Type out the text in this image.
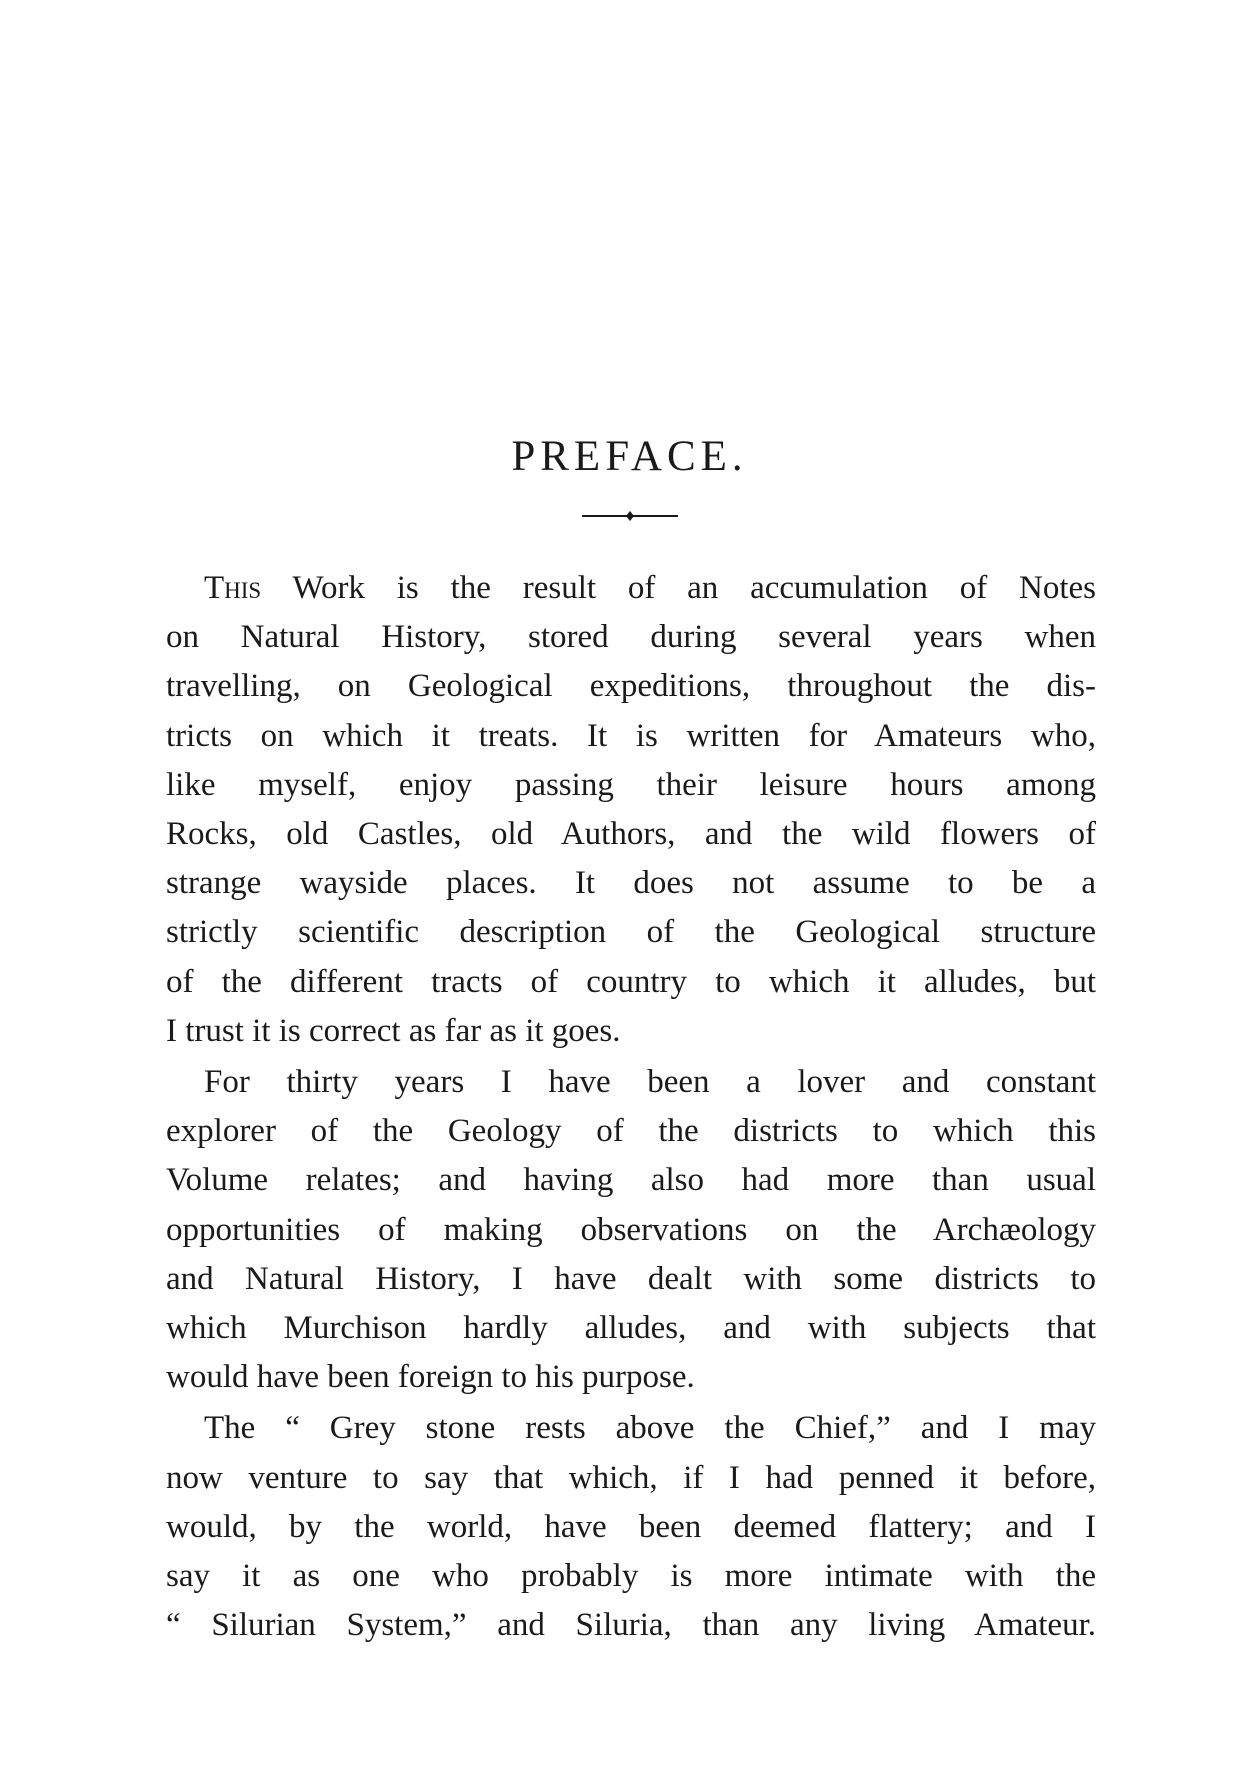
PREFACE.

This Work is the result of an accumulation of Notes
on Natural History, stored during several years when
travelling, on Geological expeditions, throughout the dis-
tricts on which it treats. It is written for Amateurs who,
like myself, enjoy passing their leisure hours among
Rocks, old Castles, old Authors, and the wild flowers of
strange wayside places. It does not assume to be a
strictly scientific description of the Geological structure
of the different tracts of country to which it alludes, but
I trust it is correct as far as it goes.

For thirty years I have been a lover and constant
explorer of the Geology of the districts to which this
Volume relates; and having also had more than usual
opportunities of making observations on the Archæology
and Natural History, I have dealt with some districts to
which Murchison hardly alludes, and with subjects that
would have been foreign to his purpose.

The “ Grey stone rests above the Chief,” and I may
now venture to say that which, if I had penned it before,
would, by the world, have been deemed flattery; and I
say it as one who probably is more intimate with the
“ Silurian System,” and Siluria, than any living Amateur.
